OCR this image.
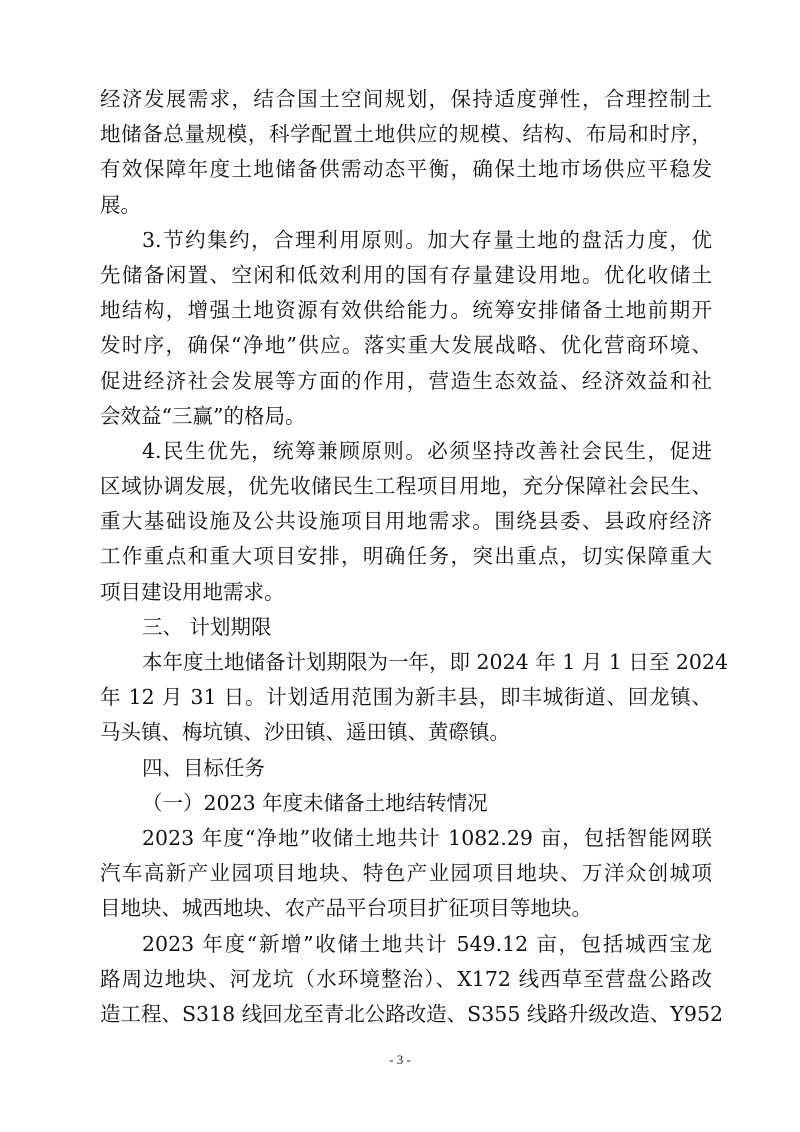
经济发展需求，结合国土空间规划，保持适度弹性，合理控制土
地储备总量规模，科学配置土地供应的规模、结构、布局和时序，
有效保障年度土地储备供需动态平衡，确保土地市场供应平稳发
展。
3.节约集约，合理利用原则。加大存量土地的盘活力度，优
先储备闲置、空闲和低效利用的国有存量建设用地。优化收储土
地结构，增强土地资源有效供给能力。统筹安排储备土地前期开
发时序，确保“净地”供应。落实重大发展战略、优化营商环境、
促进经济社会发展等方面的作用，营造生态效益、经济效益和社
会效益“三赢”的格局。
4.民生优先，统筹兼顾原则。必须坚持改善社会民生，促进
区域协调发展，优先收储民生工程项目用地，充分保障社会民生、
重大基础设施及公共设施项目用地需求。围绕县委、县政府经济
工作重点和重大项目安排，明确任务，突出重点，切实保障重大
项目建设用地需求。
三、 计划期限
本年度土地储备计划期限为一年，即 2024 年 1 月 1 日至 2024
年 12 月 31 日。计划适用范围为新丰县，即丰城街道、回龙镇、
马头镇、梅坑镇、沙田镇、遥田镇、黄磜镇。
四、目标任务
（一）2023 年度未储备土地结转情况
2023 年度“净地”收储土地共计 1082.29 亩，包括智能网联
汽车高新产业园项目地块、特色产业园项目地块、万洋众创城项
目地块、城西地块、农产品平台项目扩征项目等地块。
2023 年度“新增”收储土地共计 549.12 亩，包括城西宝龙
路周边地块、河龙坑（水环境整治）、X172 线西草至营盘公路改
造工程、S318 线回龙至青北公路改造、S355 线路升级改造、Y952
- 3 -
